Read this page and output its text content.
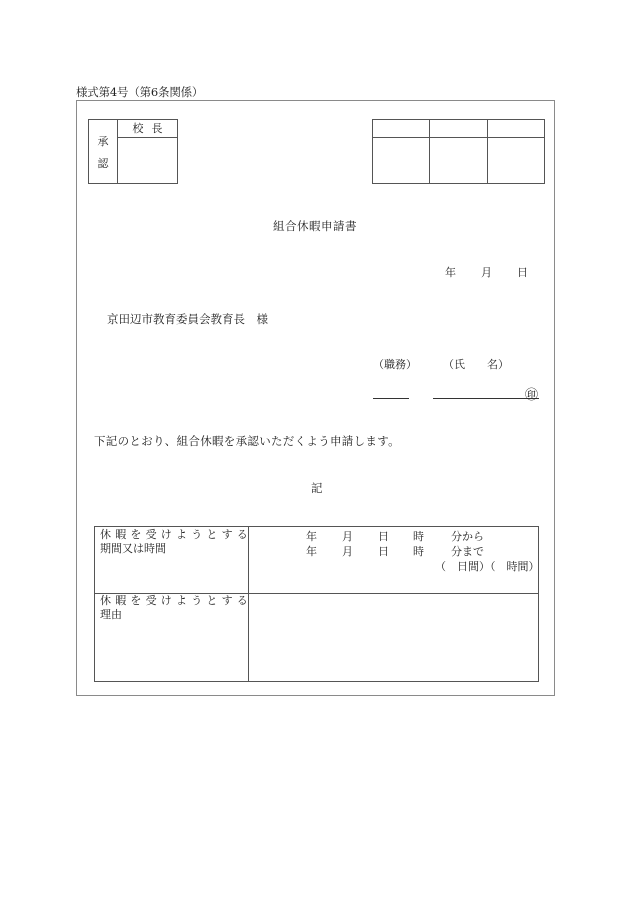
様式第4号（第6条関係）
承
認
校長
組合休暇申請書
年 月 日
京田辺市教育委員会教育長　様
（職務） （氏　　名）
㊞
下記のとおり、組合休暇を承認いただくよう申請します。
記
休暇を受けようとする
期間又は時間
年 月 日 時 分から
年 月 日 時 分まで
（　日間）（　時間）
休暇を受けようとする
理由
